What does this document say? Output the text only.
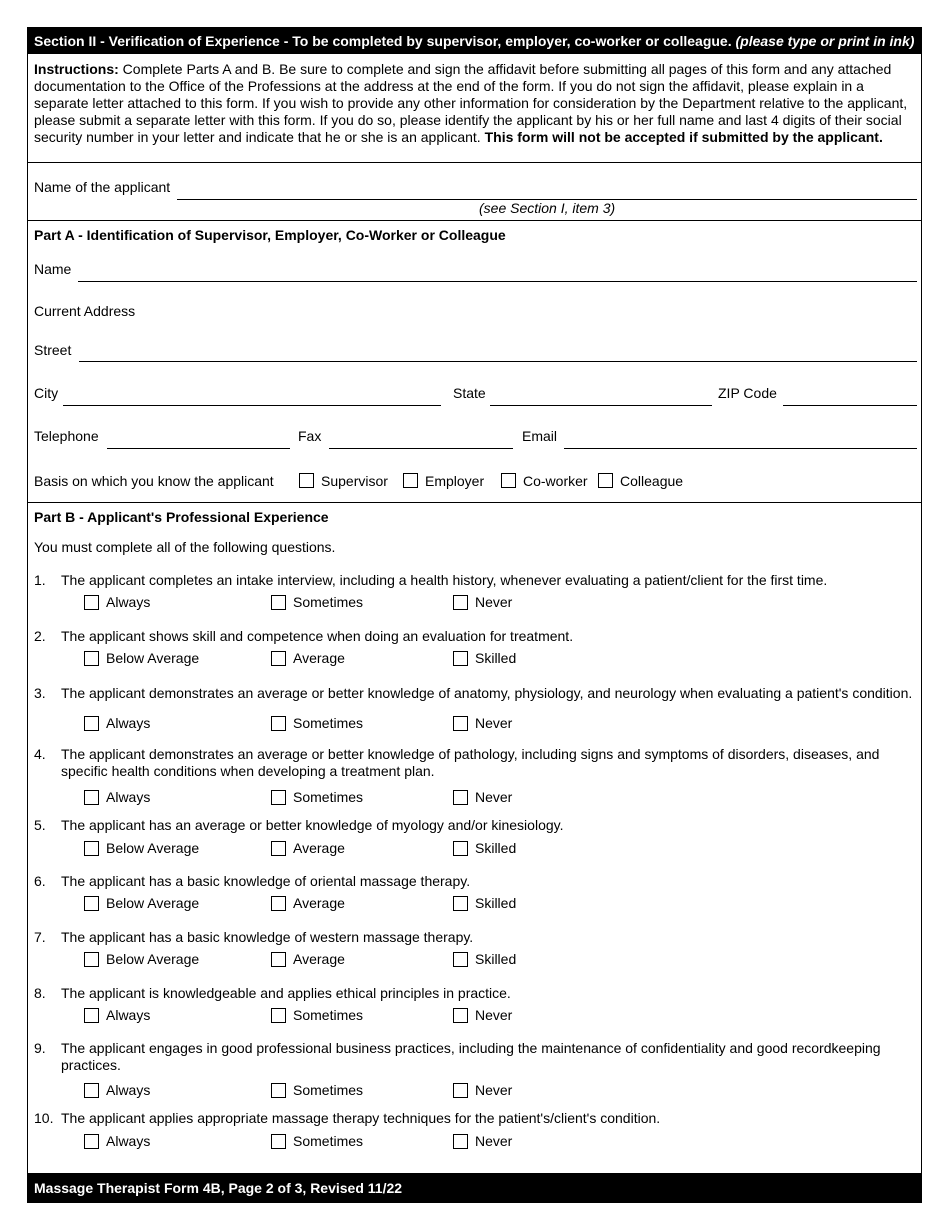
Section II - Verification of Experience - To be completed by supervisor, employer, co-worker or colleague. (please type or print in ink)
Instructions: Complete Parts A and B. Be sure to complete and sign the affidavit before submitting all pages of this form and any attached documentation to the Office of the Professions at the address at the end of the form. If you do not sign the affidavit, please explain in a separate letter attached to this form. If you wish to provide any other information for consideration by the Department relative to the applicant, please submit a separate letter with this form. If you do so, please identify the applicant by his or her full name and last 4 digits of their social security number in your letter and indicate that he or she is an applicant. This form will not be accepted if submitted by the applicant.
Name of the applicant
(see Section I, item 3)
Part A - Identification of Supervisor, Employer, Co-Worker or Colleague
Name
Current Address
Street
City	State	ZIP Code
Telephone	Fax	Email
Basis on which you know the applicant	Supervisor	Employer	Co-worker Colleague
Part B - Applicant's Professional Experience
You must complete all of the following questions.
1. The applicant completes an intake interview, including a health history, whenever evaluating a patient/client for the first time.
Always	Sometimes	Never
2. The applicant shows skill and competence when doing an evaluation for treatment.
Below Average	Average	Skilled
3. The applicant demonstrates an average or better knowledge of anatomy, physiology, and neurology when evaluating a patient's condition.
Always	Sometimes	Never
4. The applicant demonstrates an average or better knowledge of pathology, including signs and symptoms of disorders, diseases, and specific health conditions when developing a treatment plan.
Always	Sometimes	Never
5. The applicant has an average or better knowledge of myology and/or kinesiology.
Below Average	Average	Skilled
6. The applicant has a basic knowledge of oriental massage therapy.
Below Average	Average	Skilled
7. The applicant has a basic knowledge of western massage therapy.
Below Average	Average	Skilled
8. The applicant is knowledgeable and applies ethical principles in practice.
Always	Sometimes	Never
9. The applicant engages in good professional business practices, including the maintenance of confidentiality and good recordkeeping practices.
Always	Sometimes	Never
10. The applicant applies appropriate massage therapy techniques for the patient's/client's condition.
Always	Sometimes	Never
Massage Therapist Form 4B, Page 2 of 3, Revised 11/22
